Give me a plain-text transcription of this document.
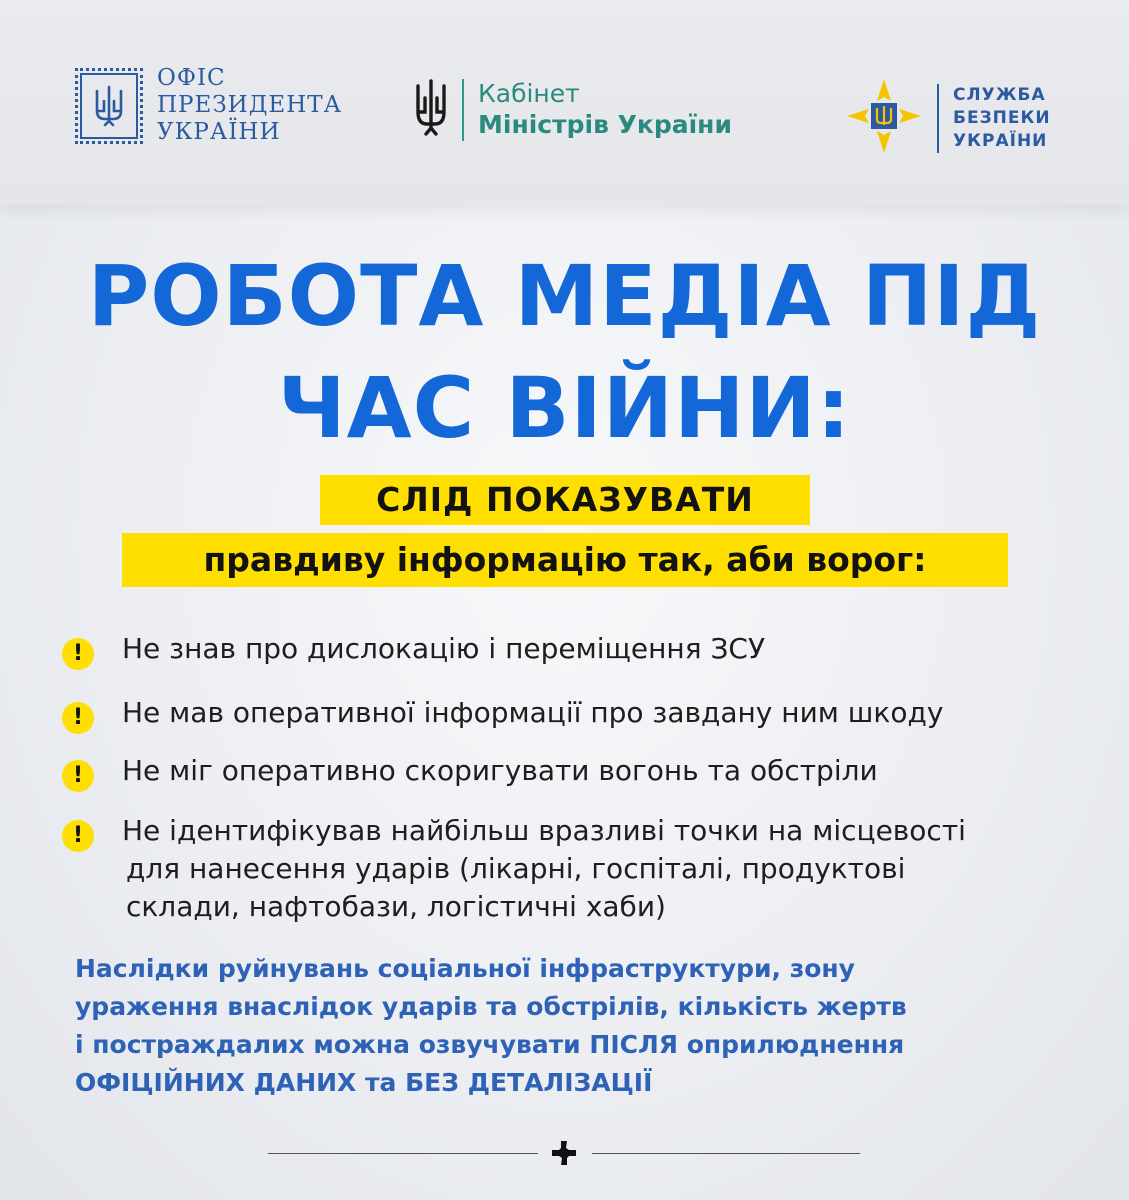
ОФІС
ПРЕЗИДЕНТА
УКРАЇНИ
Кабінет
Міністрів України
СЛУЖБА
БЕЗПЕКИ
УКРАЇНИ
РОБОТА МЕДІА ПІД
ЧАС ВІЙНИ:
СЛІД ПОКАЗУВАТИ
правдиву інформацію так, аби ворог:
!	Не знав про дислокацію і переміщення ЗСУ
!	Не мав оперативної інформації про завдану ним шкоду
!	Не міг оперативно скоригувати вогонь та обстріли
!	Не ідентифікував найбільш вразливі точки на місцевості
для нанесення ударів (лікарні, госпіталі, продуктові
склади, нафтобази, логістичні хаби)
Наслідки руйнувань соціальної інфраструктури, зону
ураження внаслідок ударів та обстрілів, кількість жертв
і постраждалих можна озвучувати ПІСЛЯ оприлюднення
ОФІЦІЙНИХ ДАНИХ та БЕЗ ДЕТАЛІЗАЦІЇ
